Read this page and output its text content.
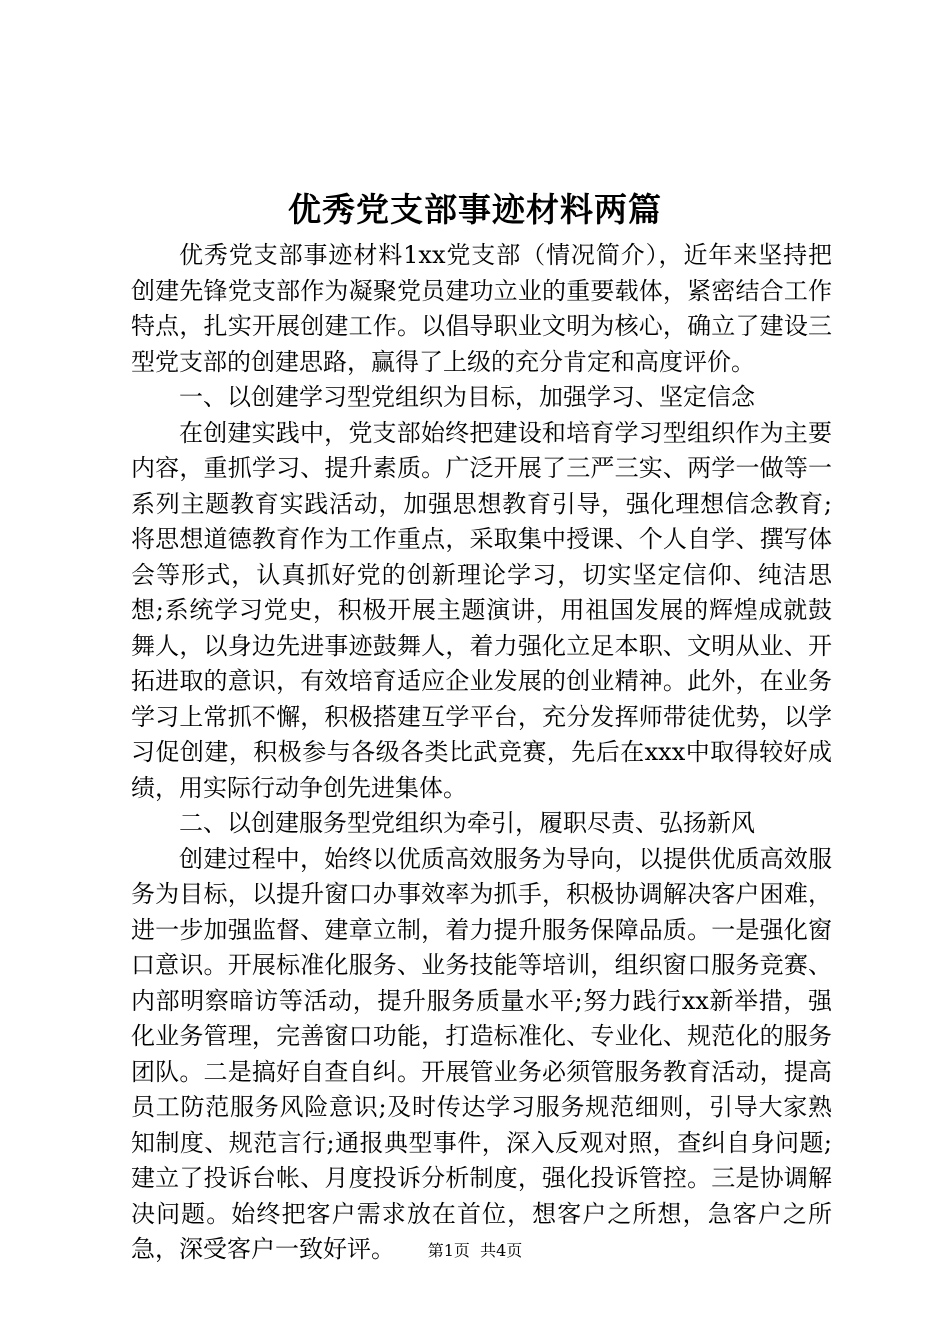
优秀党支部事迹材料两篇

优秀党支部事迹材料1xx党支部（情况简介），近年来坚持把创建先锋党支部作为凝聚党员建功立业的重要载体，紧密结合工作特点，扎实开展创建工作。以倡导职业文明为核心，确立了建设三型党支部的创建思路，赢得了上级的充分肯定和高度评价。

一、以创建学习型党组织为目标，加强学习、坚定信念

在创建实践中，党支部始终把建设和培育学习型组织作为主要内容，重抓学习、提升素质。广泛开展了三严三实、两学一做等一系列主题教育实践活动，加强思想教育引导，强化理想信念教育;将思想道德教育作为工作重点，采取集中授课、个人自学、撰写体会等形式，认真抓好党的创新理论学习，切实坚定信仰、纯洁思想;系统学习党史，积极开展主题演讲，用祖国发展的辉煌成就鼓舞人，以身边先进事迹鼓舞人，着力强化立足本职、文明从业、开拓进取的意识，有效培育适应企业发展的创业精神。此外，在业务学习上常抓不懈，积极搭建互学平台，充分发挥师带徒优势，以学习促创建，积极参与各级各类比武竞赛，先后在xxx中取得较好成绩，用实际行动争创先进集体。

二、以创建服务型党组织为牵引，履职尽责、弘扬新风

创建过程中，始终以优质高效服务为导向，以提供优质高效服务为目标，以提升窗口办事效率为抓手，积极协调解决客户困难，进一步加强监督、建章立制，着力提升服务保障品质。一是强化窗口意识。开展标准化服务、业务技能等培训，组织窗口服务竞赛、内部明察暗访等活动，提升服务质量水平;努力践行xx新举措，强化业务管理，完善窗口功能，打造标准化、专业化、规范化的服务团队。二是搞好自查自纠。开展管业务必须管服务教育活动，提高员工防范服务风险意识;及时传达学习服务规范细则，引导大家熟知制度、规范言行;通报典型事件，深入反观对照，查纠自身问题;建立了投诉台帐、月度投诉分析制度，强化投诉管控。三是协调解决问题。始终把客户需求放在首位，想客户之所想，急客户之所急，深受客户一致好评。	第1页  共4页
